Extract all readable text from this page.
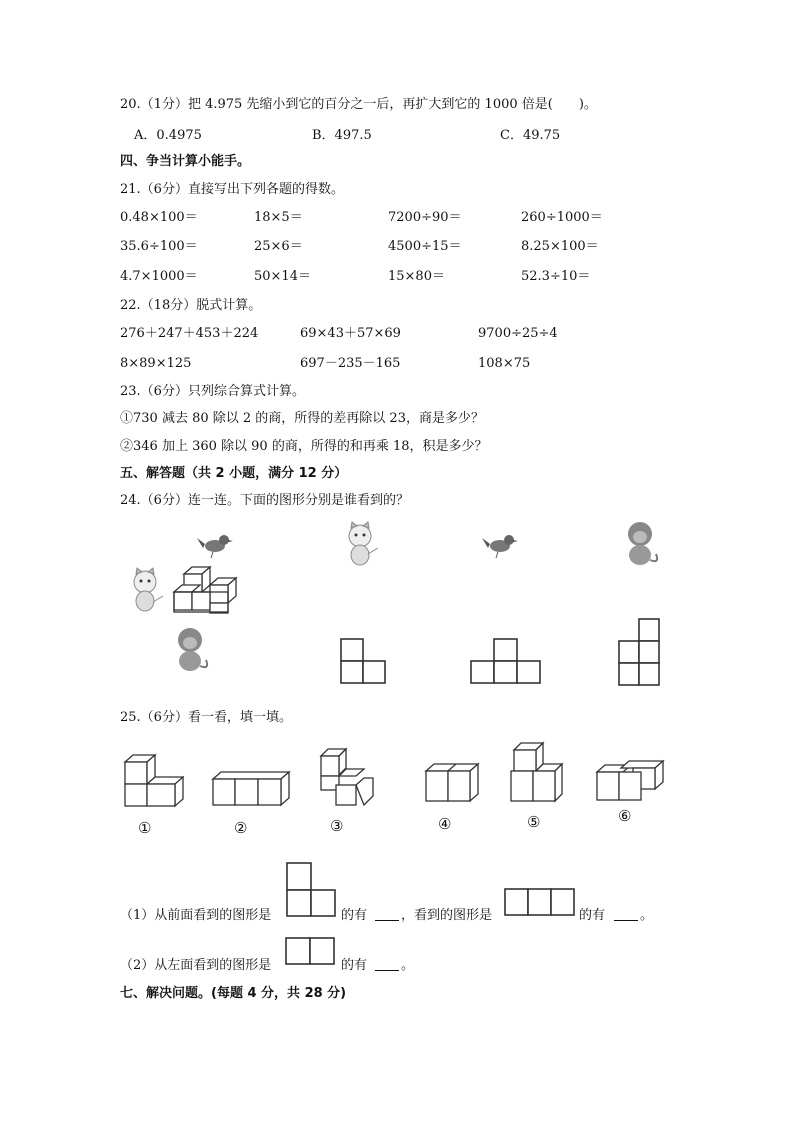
20.（1分）把 4.975 先缩小到它的百分之一后，再扩大到它的 1000 倍是(　　)。
A．0.4975	B．497.5	C．49.75
四、争当计算小能手。
21.（6分）直接写出下列各题的得数。
0.48×100＝	18×5＝	7200÷90＝	260÷1000＝
35.6÷100＝	25×6＝	4500÷15＝	8.25×100＝
4.7×1000＝	50×14＝	15×80＝	52.3÷10＝
22.（18分）脱式计算。
276＋247＋453＋224	69×43＋57×69	9700÷25÷4
8×89×125	697－235－165	108×75
23.（6分）只列综合算式计算。
①730 减去 80 除以 2 的商，所得的差再除以 23，商是多少？
②346 加上 360 除以 90 的商，所得的和再乘 18，积是多少？
五、解答题（共 2 小题，满分 12 分）
24.（6分）连一连。下面的图形分别是谁看到的？
25.（6分）看一看，填一填。
①	②	③	④	⑤	⑥
（1）从前面看到的图形是	的有	，看到的图形是	的有	。
（2）从左面看到的图形是	的有	。
七、解决问题。(每题 4 分，共 28 分)
